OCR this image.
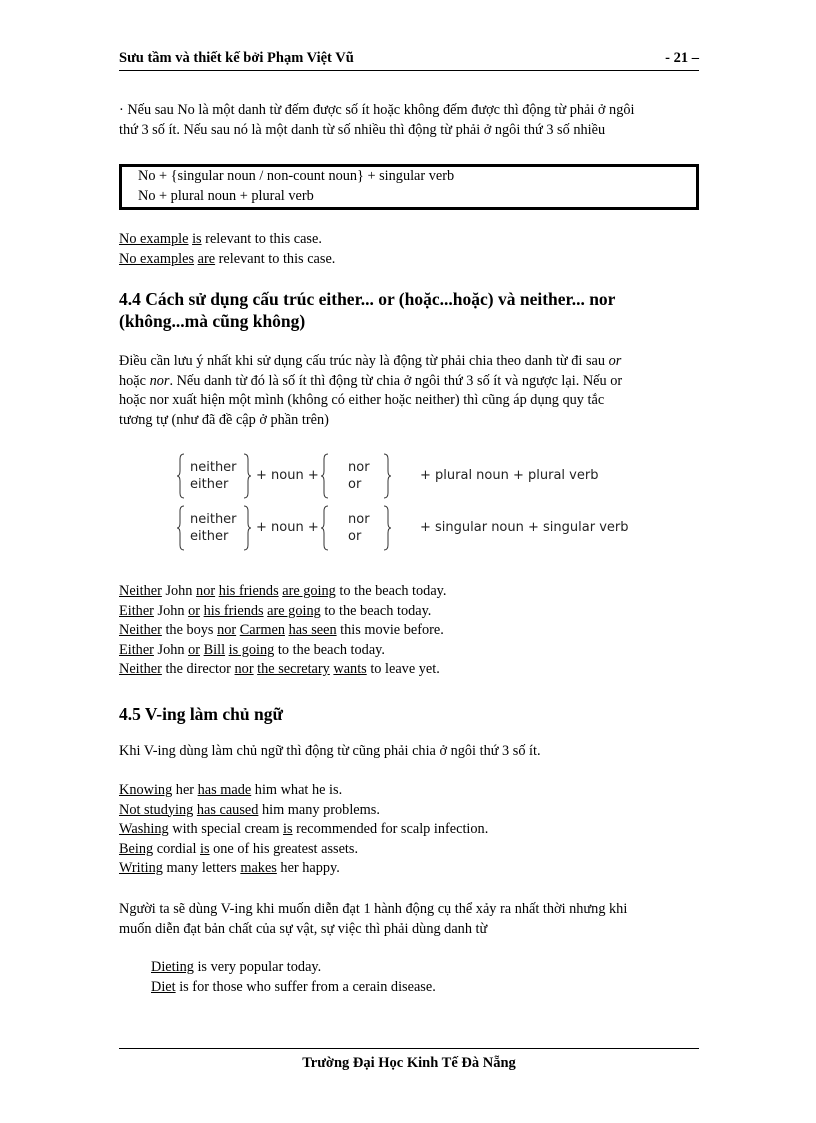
Sưu tầm và thiết kế bởi Phạm Việt Vũ	- 21 –
· Nếu sau No là một danh từ đếm được số ít hoặc không đếm được thì động từ phải ở ngôi
thứ 3 số ít. Nếu sau nó là một danh từ số nhiều thì động từ phải ở ngôi thứ 3 số nhiều
No + {singular noun / non-count noun} + singular verb
No + plural noun + plural verb
No example is relevant to this case.
No examples are relevant to this case.
4.4 Cách sử dụng cấu trúc either... or (hoặc...hoặc) và neither... nor
(không...mà cũng không)
Điều cần lưu ý nhất khi sử dụng cấu trúc này là động từ phải chia theo danh từ đi sau or
hoặc nor. Nếu danh từ đó là số ít thì động từ chia ở ngôi thứ 3 số ít và ngược lại. Nếu or
hoặc nor xuất hiện một mình (không có either hoặc neither) thì cũng áp dụng quy tắc
tương tự (như đã đề cập ở phần trên)
neither
either
+ noun +
nor
or
+ plural noun + plural verb
neither
either
+ noun +
nor
or
+ singular noun + singular verb
Neither John nor his friends are going to the beach today.
Either John or his friends are going to the beach today.
Neither the boys nor Carmen has seen this movie before.
Either John or Bill is going to the beach today.
Neither the director nor the secretary wants to leave yet.
4.5 V-ing làm chủ ngữ
Khi V-ing dùng làm chủ ngữ thì động từ cũng phải chia ở ngôi thứ 3 số ít.
Knowing her has made him what he is.
Not studying has caused him many problems.
Washing with special cream is recommended for scalp infection.
Being cordial is one of his greatest assets.
Writing many letters makes her happy.
Người ta sẽ dùng V-ing khi muốn diễn đạt 1 hành động cụ thể xảy ra nhất thời nhưng khi
muốn diễn đạt bản chất của sự vật, sự việc thì phải dùng danh từ
Dieting is very popular today.
Diet is for those who suffer from a cerain disease.
Trường Đại Học Kinh Tế Đà Nẵng
